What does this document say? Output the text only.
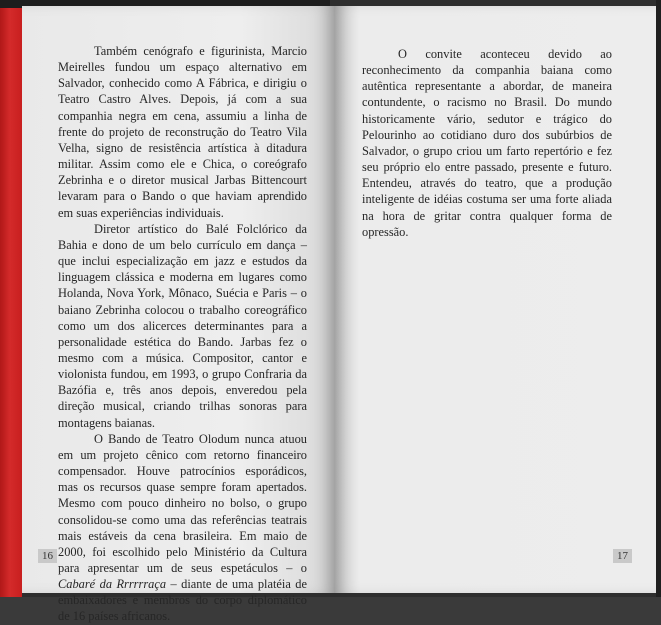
Também cenógrafo e figurinista, Marcio Meirelles fundou um espaço alternativo em Salvador, conhecido como A Fábrica, e dirigiu o Teatro Castro Alves. Depois, já com a sua companhia negra em cena, assumiu a linha de frente do projeto de reconstrução do Teatro Vila Velha, signo de resistência artística à ditadura militar. Assim como ele e Chica, o coreógrafo Zebrinha e o diretor musical Jarbas Bittencourt levaram para o Bando o que haviam aprendido em suas experiências individuais.

Diretor artístico do Balé Folclórico da Bahia e dono de um belo currículo em dança – que inclui especialização em jazz e estudos da linguagem clássica e moderna em lugares como Holanda, Nova York, Mônaco, Suécia e Paris – o baiano Zebrinha colocou o trabalho coreográfico como um dos alicerces determinantes para a personalidade estética do Bando. Jarbas fez o mesmo com a música. Compositor, cantor e violonista fundou, em 1993, o grupo Confraria da Bazófia e, três anos depois, enveredou pela direção musical, criando trilhas sonoras para montagens baianas.

O Bando de Teatro Olodum nunca atuou em um projeto cênico com retorno financeiro compensador. Houve patrocínios esporádicos, mas os recursos quase sempre foram apertados. Mesmo com pouco dinheiro no bolso, o grupo consolidou-se como uma das referências teatrais mais estáveis da cena brasileira. Em maio de 2000, foi escolhido pelo Ministério da Cultura para apresentar um de seus espetáculos – o Cabaré da Rrrrrraça – diante de uma platéia de embaixadores e membros do corpo diplomático de 16 países africanos.

16

O convite aconteceu devido ao reconhecimento da companhia baiana como autêntica representante a abordar, de maneira contundente, o racismo no Brasil. Do mundo historicamente vário, sedutor e trágico do Pelourinho ao cotidiano duro dos subúrbios de Salvador, o grupo criou um farto repertório e fez seu próprio elo entre passado, presente e futuro. Entendeu, através do teatro, que a produção inteligente de idéias costuma ser uma forte aliada na hora de gritar contra qualquer forma de opressão.

17
